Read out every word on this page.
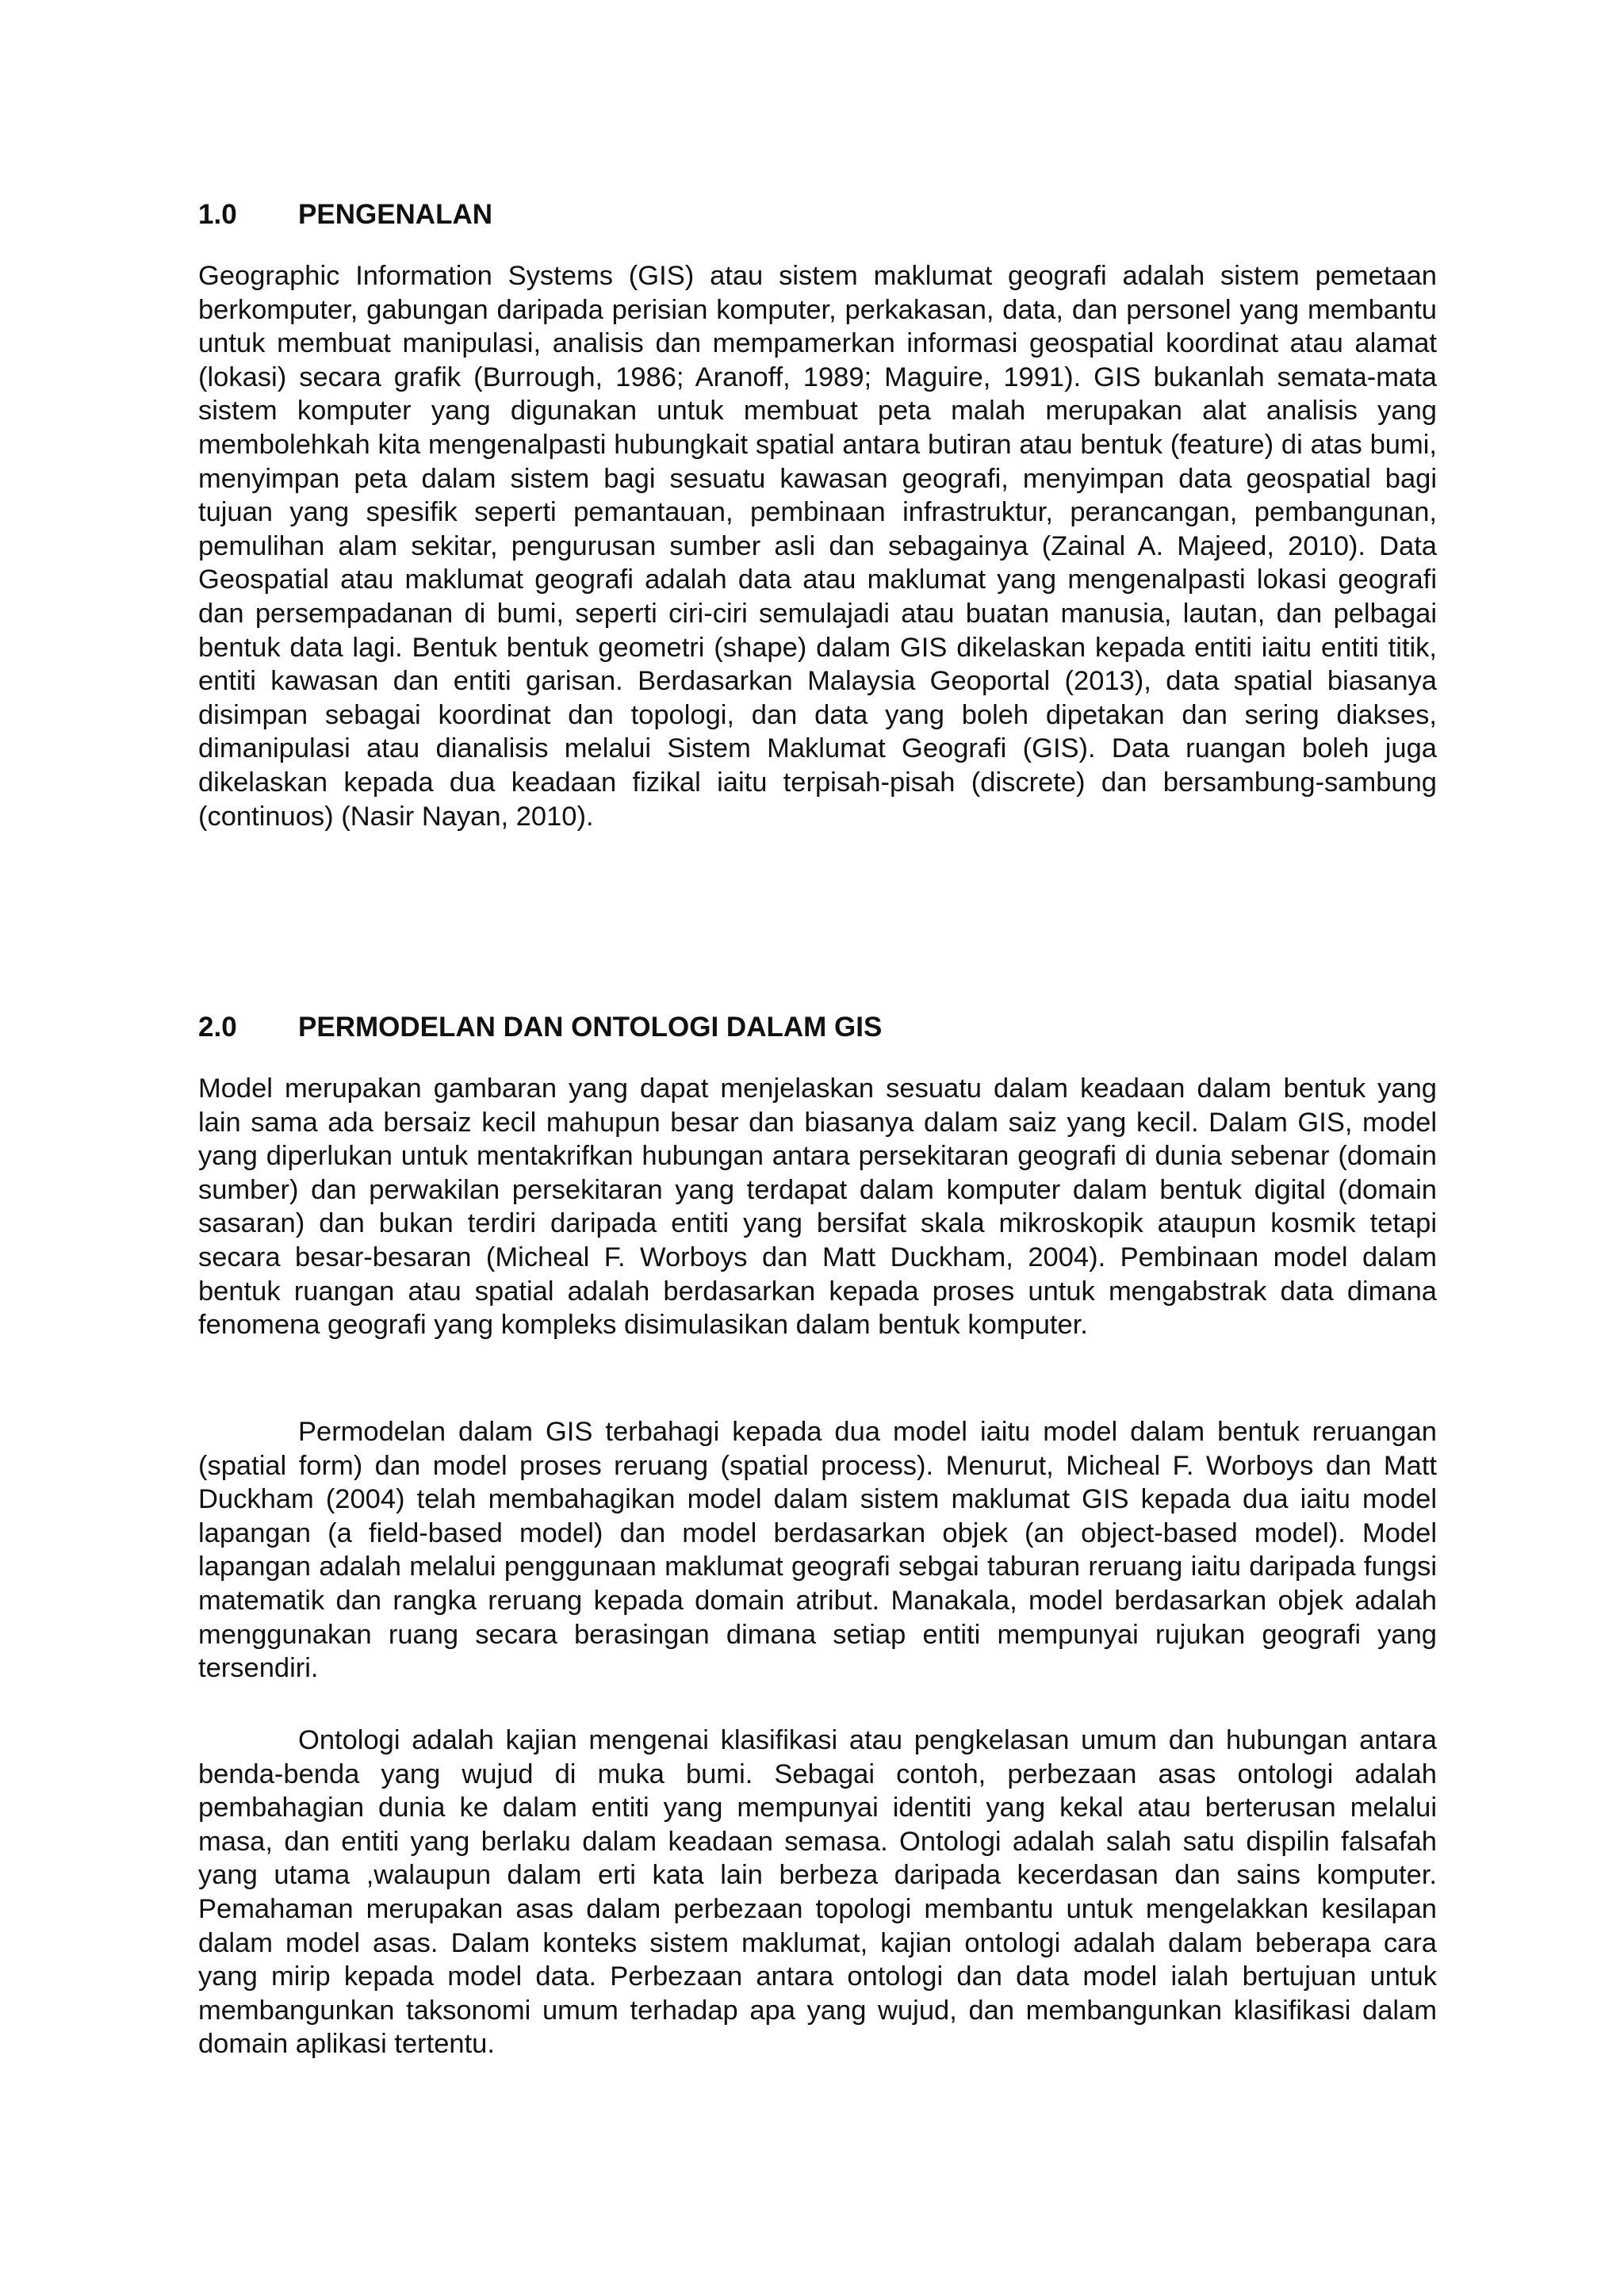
1.0 PENGENALAN

Geographic Information Systems (GIS) atau sistem maklumat geografi adalah sistem pemetaan berkomputer, gabungan daripada perisian komputer, perkakasan, data, dan personel yang membantu untuk membuat manipulasi, analisis dan mempamerkan informasi geospatial koordinat atau alamat (lokasi) secara grafik (Burrough, 1986; Aranoff, 1989; Maguire, 1991). GIS bukanlah semata-mata sistem komputer yang digunakan untuk membuat peta malah merupakan alat analisis yang membolehkah kita mengenalpasti hubungkait spatial antara butiran atau bentuk (feature) di atas bumi, menyimpan peta dalam sistem bagi sesuatu kawasan geografi, menyimpan data geospatial bagi tujuan yang spesifik seperti pemantauan, pembinaan infrastruktur, perancangan, pembangunan, pemulihan alam sekitar, pengurusan sumber asli dan sebagainya (Zainal A. Majeed, 2010). Data Geospatial atau maklumat geografi adalah data atau maklumat yang mengenalpasti lokasi geografi dan persempadanan di bumi, seperti ciri-ciri semulajadi atau buatan manusia, lautan, dan pelbagai bentuk data lagi. Bentuk bentuk geometri (shape) dalam GIS dikelaskan kepada entiti iaitu entiti titik, entiti kawasan dan entiti garisan. Berdasarkan Malaysia Geoportal (2013), data spatial biasanya disimpan sebagai koordinat dan topologi, dan data yang boleh dipetakan dan sering diakses, dimanipulasi atau dianalisis melalui Sistem Maklumat Geografi (GIS). Data ruangan boleh juga dikelaskan kepada dua keadaan fizikal iaitu terpisah-pisah (discrete) dan bersambung-sambung (continuos) (Nasir Nayan, 2010).

2.0 PERMODELAN DAN ONTOLOGI DALAM GIS

Model merupakan gambaran yang dapat menjelaskan sesuatu dalam keadaan dalam bentuk yang lain sama ada bersaiz kecil mahupun besar dan biasanya dalam saiz yang kecil. Dalam GIS, model yang diperlukan untuk mentakrifkan hubungan antara persekitaran geografi di dunia sebenar (domain sumber) dan perwakilan persekitaran yang terdapat dalam komputer dalam bentuk digital (domain sasaran) dan bukan terdiri daripada entiti yang bersifat skala mikroskopik ataupun kosmik tetapi secara besar-besaran (Micheal F. Worboys dan Matt Duckham, 2004). Pembinaan model dalam bentuk ruangan atau spatial adalah berdasarkan kepada proses untuk mengabstrak data dimana fenomena geografi yang kompleks disimulasikan dalam bentuk komputer.

Permodelan dalam GIS terbahagi kepada dua model iaitu model dalam bentuk reruangan (spatial form) dan model proses reruang (spatial process). Menurut, Micheal F. Worboys dan Matt Duckham (2004) telah membahagikan model dalam sistem maklumat GIS kepada dua iaitu model lapangan (a field-based model) dan model berdasarkan objek (an object-based model). Model lapangan adalah melalui penggunaan maklumat geografi sebgai taburan reruang iaitu daripada fungsi matematik dan rangka reruang kepada domain atribut. Manakala, model berdasarkan objek adalah menggunakan ruang secara berasingan dimana setiap entiti mempunyai rujukan geografi yang tersendiri.

Ontologi adalah kajian mengenai klasifikasi atau pengkelasan umum dan hubungan antara benda-benda yang wujud di muka bumi. Sebagai contoh, perbezaan asas ontologi adalah pembahagian dunia ke dalam entiti yang mempunyai identiti yang kekal atau berterusan melalui masa, dan entiti yang berlaku dalam keadaan semasa. Ontologi adalah salah satu dispilin falsafah yang utama ,walaupun dalam erti kata lain berbeza daripada kecerdasan dan sains komputer. Pemahaman merupakan asas dalam perbezaan topologi membantu untuk mengelakkan kesilapan dalam model asas. Dalam konteks sistem maklumat, kajian ontologi adalah dalam beberapa cara yang mirip kepada model data. Perbezaan antara ontologi dan data model ialah bertujuan untuk membangunkan taksonomi umum terhadap apa yang wujud, dan membangunkan klasifikasi dalam domain aplikasi tertentu.
